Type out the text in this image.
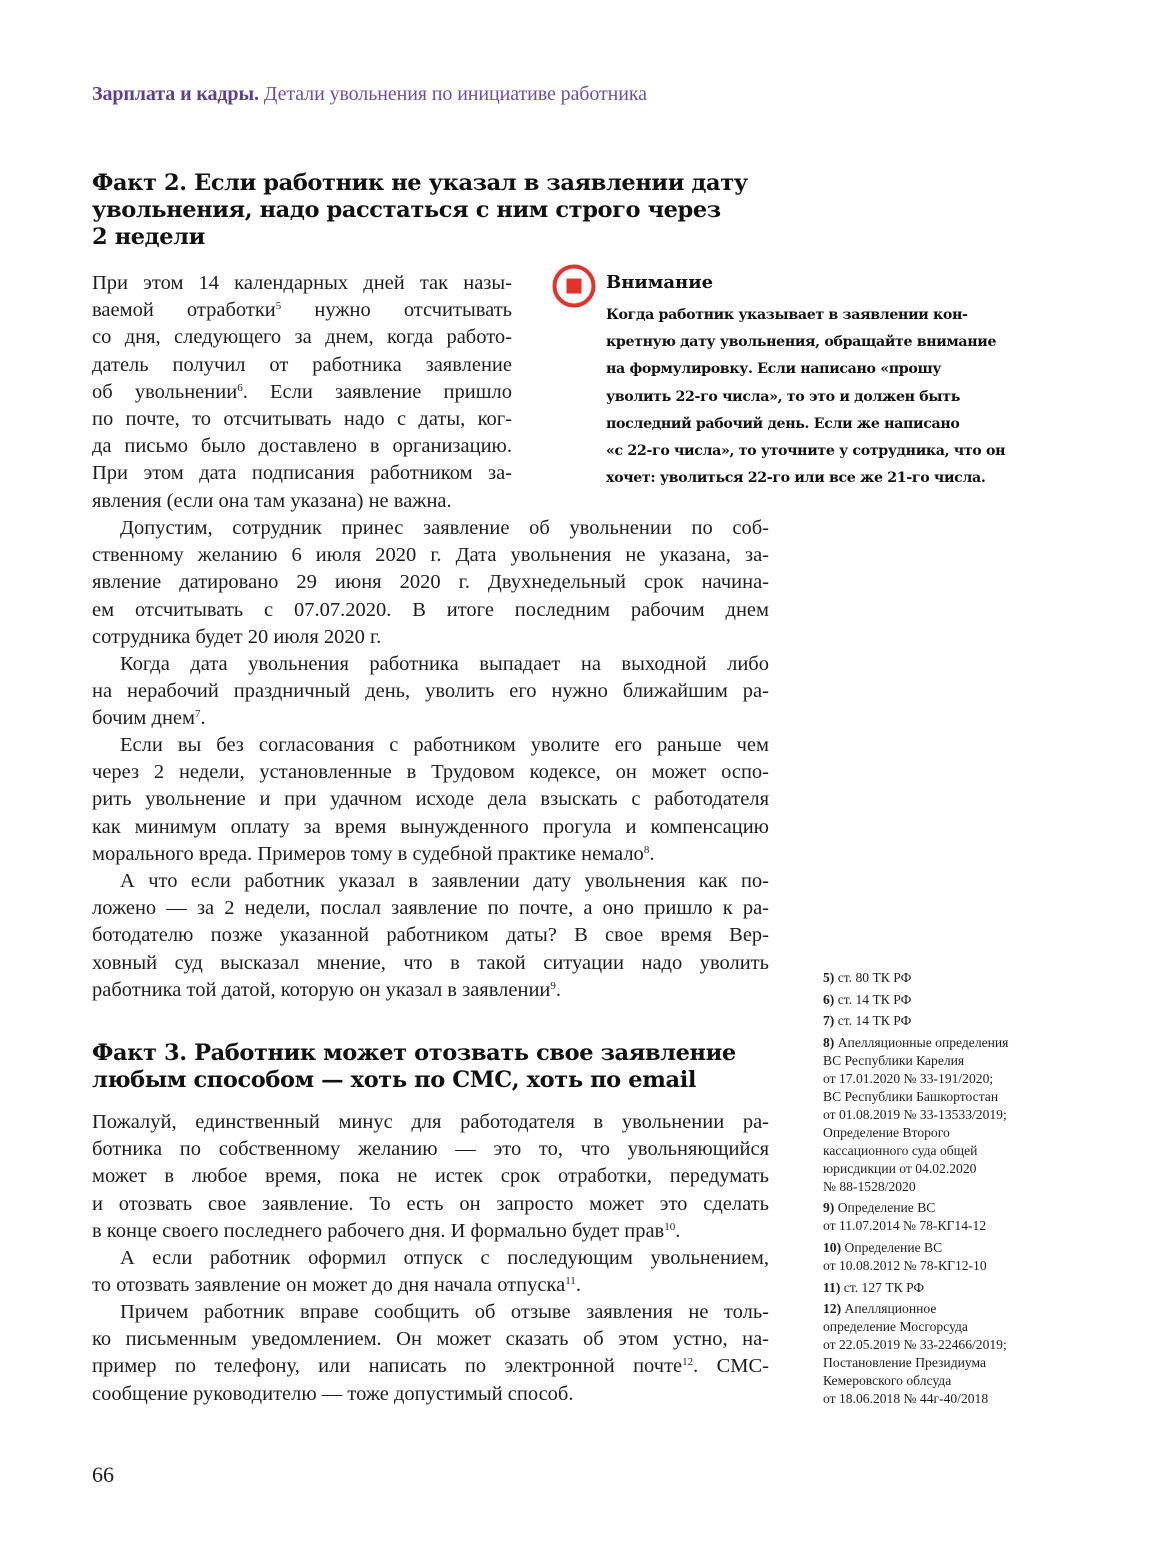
Зарплата и кадры. Детали увольнения по инициативе работника
Факт 2. Если работник не указал в заявлении дату
увольнения, надо расстаться с ним строго через
2 недели
При этом 14 календарных дней так назы-
ваемой отработки$^5$ нужно отсчитывать
со дня, следующего за днем, когда работо-
датель получил от работника заявление
об увольнении$^6$. Если заявление пришло
по почте, то отсчитывать надо с даты, ког-
да письмо было доставлено в организацию.
При этом дата подписания работником за-
явления (если она там указана) не важна.
Внимание
Когда работник указывает в заявлении кон-
кретную дату увольнения, обращайте внимание
на формулировку. Если написано «прошу
уволить 22-го числа», то это и должен быть
последний рабочий день. Если же написано
«с 22-го числа», то уточните у сотрудника, что он
хочет: уволиться 22-го или все же 21-го числа.
Допустим, сотрудник принес заявление об увольнении по соб-
ственному желанию 6 июля 2020 г. Дата увольнения не указана, за-
явление датировано 29 июня 2020 г. Двухнедельный срок начина-
ем отсчитывать с 07.07.2020. В итоге последним рабочим днем
сотрудника будет 20 июля 2020 г.
Когда дата увольнения работника выпадает на выходной либо
на нерабочий праздничный день, уволить его нужно ближайшим ра-
бочим днем$^7$.
Если вы без согласования с работником уволите его раньше чем
через 2 недели, установленные в Трудовом кодексе, он может оспо-
рить увольнение и при удачном исходе дела взыскать с работодателя
как минимум оплату за время вынужденного прогула и компенсацию
морального вреда. Примеров тому в судебной практике немало$^8$.
А что если работник указал в заявлении дату увольнения как по-
ложено — за 2 недели, послал заявление по почте, а оно пришло к ра-
ботодателю позже указанной работником даты? В свое время Вер-
ховный суд высказал мнение, что в такой ситуации надо уволить
работника той датой, которую он указал в заявлении$^9$.
Факт 3. Работник может отозвать свое заявление
любым способом — хоть по СМС, хоть по email
Пожалуй, единственный минус для работодателя в увольнении ра-
ботника по собственному желанию — это то, что увольняющийся
может в любое время, пока не истек срок отработки, передумать
и отозвать свое заявление. То есть он запросто может это сделать
в конце своего последнего рабочего дня. И формально будет прав$^{10}$.
А если работник оформил отпуск с последующим увольнением,
то отозвать заявление он может до дня начала отпуска$^{11}$.
Причем работник вправе сообщить об отзыве заявления не толь-
ко письменным уведомлением. Он может сказать об этом устно, на-
пример по телефону, или написать по электронной почте$^{12}$. СМС-
сообщение руководителю — тоже допустимый способ.
5) ст. 80 ТК РФ
6) ст. 14 ТК РФ
7) ст. 14 ТК РФ
8) Апелляционные определения
ВС Республики Карелия
от 17.01.2020 № 33-191/2020;
ВС Республики Башкортостан
от 01.08.2019 № 33-13533/2019;
Определение Второго
кассационного суда общей
юрисдикции от 04.02.2020
№ 88-1528/2020
9) Определение ВС
от 11.07.2014 № 78-КГ14-12
10) Определение ВС
от 10.08.2012 № 78-КГ12-10
11) ст. 127 ТК РФ
12) Апелляционное
определение Мосгорсуда
от 22.05.2019 № 33-22466/2019;
Постановление Президиума
Кемеровского облсуда
от 18.06.2018 № 44г-40/2018
66
